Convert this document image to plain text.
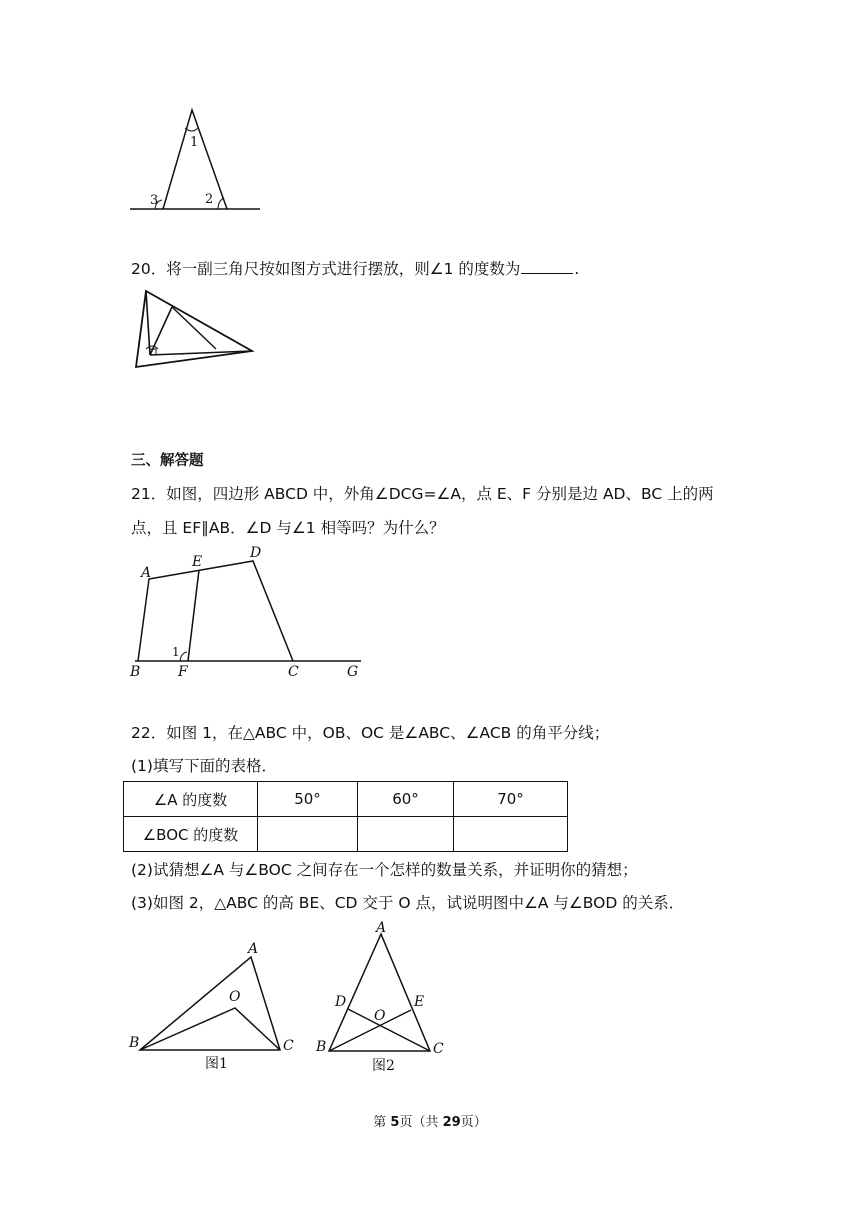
1
2
3
20．将一副三角尺按如图方式进行摆放，则∠1 的度数为	.
三、解答题
21．如图，四边形 ABCD 中，外角∠DCG=∠A，点 E、F 分别是边 AD、BC 上的两
点，且 EF∥AB．∠D 与∠1 相等吗？为什么？
A
E
D
B	F	C	G
1
22．如图 1，在△ABC 中，OB、OC 是∠ABC、∠ACB 的角平分线；
(1)填写下面的表格．
∠A 的度数	50°	60°	70°
∠BOC 的度数			
(2)试猜想∠A 与∠BOC 之间存在一个怎样的数量关系，并证明你的猜想；
(3)如图 2，△ABC 的高 BE、CD 交于 O 点，试说明图中∠A 与∠BOD 的关系．
A
O
B	C
图1
A
D	E
O
B	C
图2
第 5页（共 29页）
